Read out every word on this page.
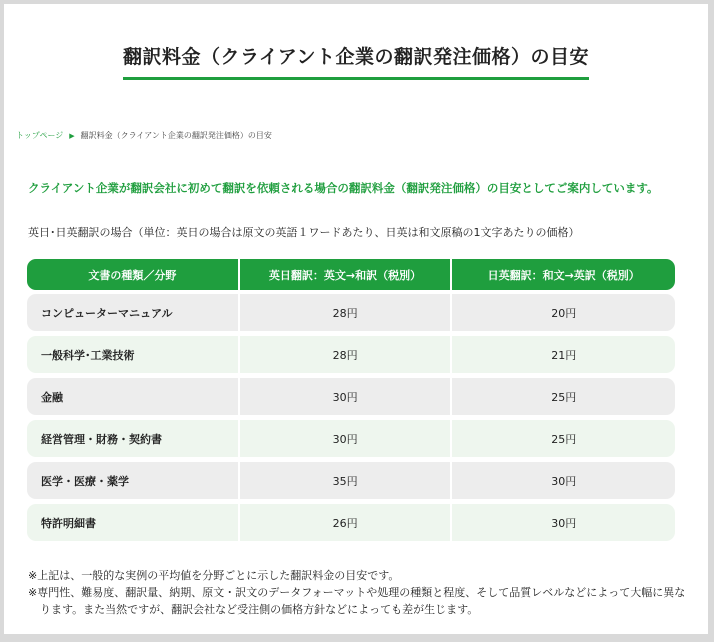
翻訳料金（クライアント企業の翻訳発注価格）の目安
トップページ ▶ 翻訳料金（クライアント企業の翻訳発注価格）の目安
クライアント企業が翻訳会社に初めて翻訳を依頼される場合の翻訳料金（翻訳発注価格）の目安としてご案内しています。
英日･日英翻訳の場合（単位：英日の場合は原文の英語１ワードあたり、日英は和文原稿の1文字あたりの価格）
文書の種類／分野	英日翻訳：英文→和訳（税別）	日英翻訳：和文→英訳（税別）
コンピューターマニュアル	28円	20円
一般科学･工業技術	28円	21円
金融	30円	25円
経営管理・財務・契約書	30円	25円
医学・医療・薬学	35円	30円
特許明細書	26円	30円
※上記は、一般的な実例の平均値を分野ごとに示した翻訳料金の目安です。
※専門性、難易度、翻訳量、納期、原文・訳文のデータフォーマットや処理の種類と程度、そして品質レベルなどによって大幅に異なります。また当然ですが、翻訳会社など受注側の価格方針などによっても差が生じます。
